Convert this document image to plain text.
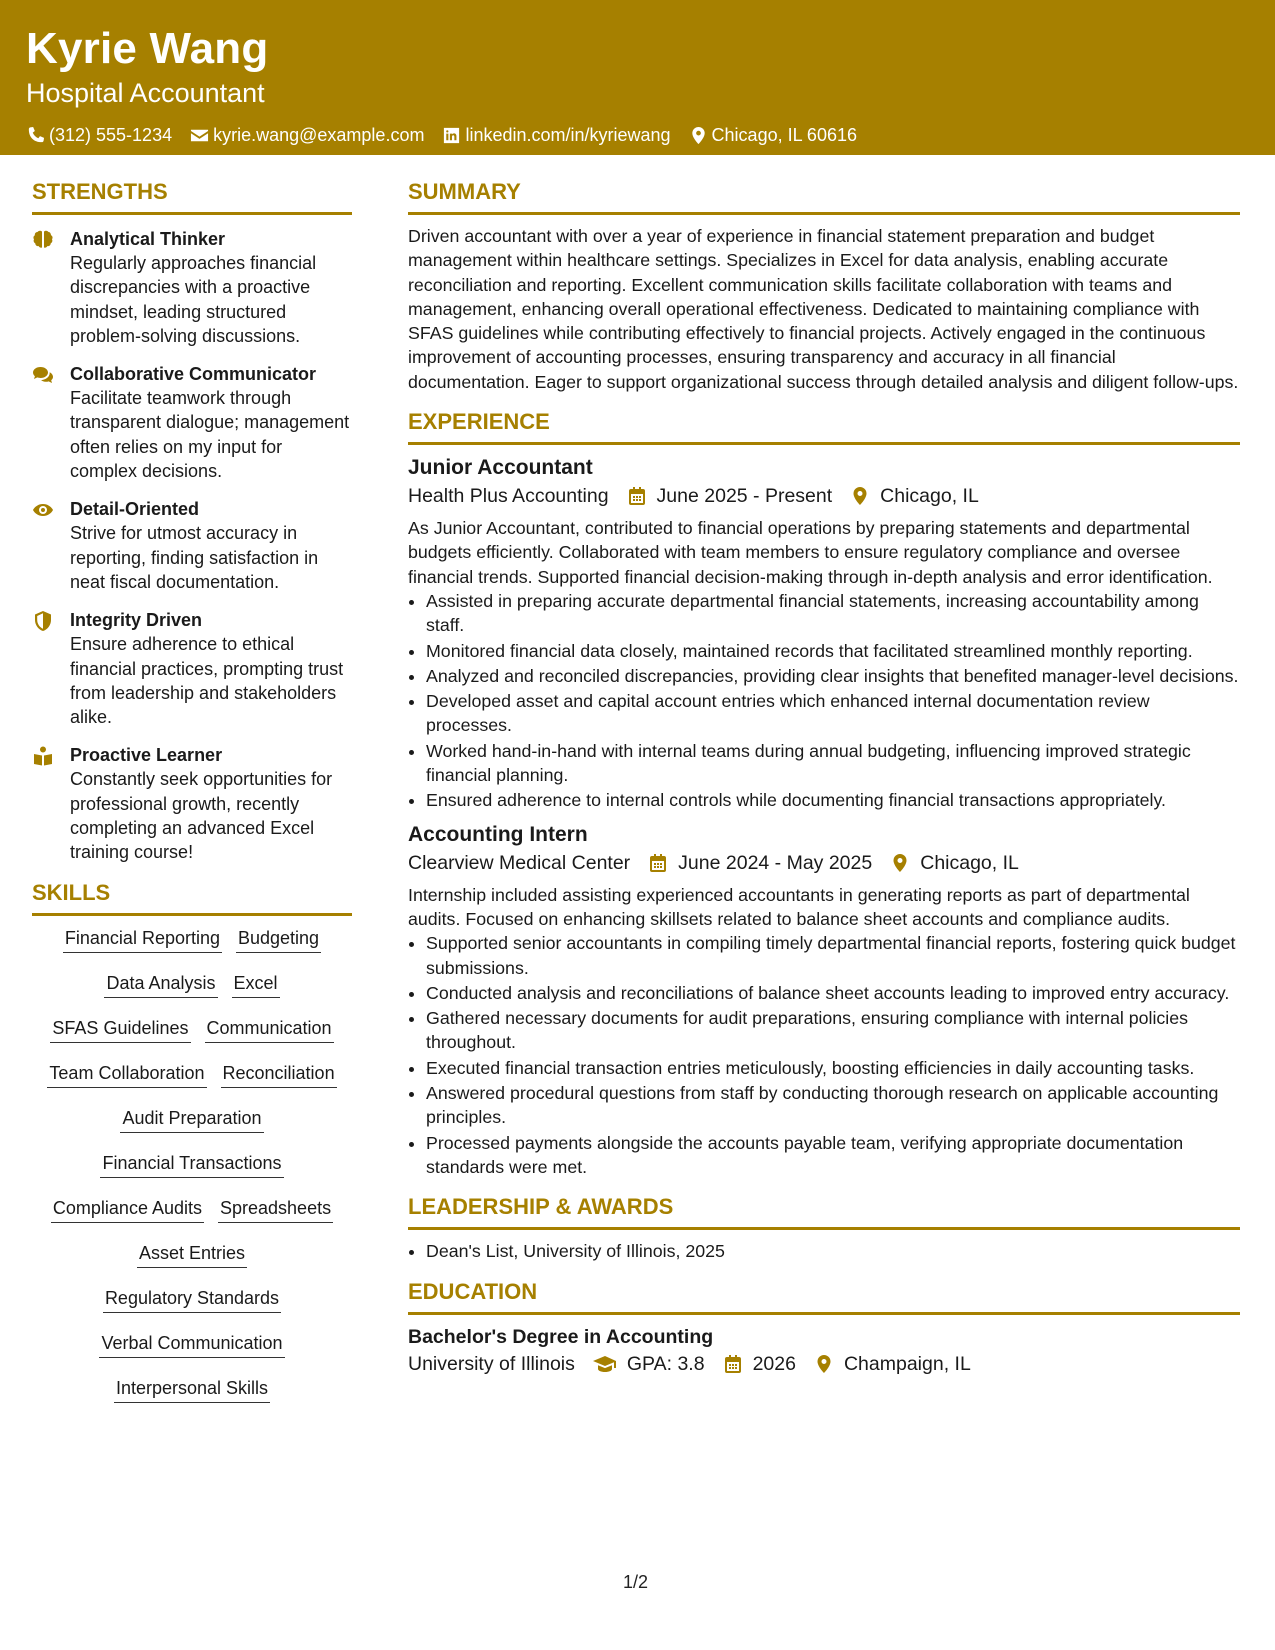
Kyrie Wang
Hospital Accountant
(312) 555-1234 kyrie.wang@example.com linkedin.com/in/kyriewang Chicago, IL 60616
STRENGTHS
Analytical Thinker
Regularly approaches financial discrepancies with a proactive mindset, leading structured problem-solving discussions.
Collaborative Communicator
Facilitate teamwork through transparent dialogue; management often relies on my input for complex decisions.
Detail-Oriented
Strive for utmost accuracy in reporting, finding satisfaction in neat fiscal documentation.
Integrity Driven
Ensure adherence to ethical financial practices, prompting trust from leadership and stakeholders alike.
Proactive Learner
Constantly seek opportunities for professional growth, recently completing an advanced Excel training course!
SKILLS
Financial Reporting Budgeting
Data Analysis Excel
SFAS Guidelines Communication
Team Collaboration Reconciliation
Audit Preparation
Financial Transactions
Compliance Audits Spreadsheets
Asset Entries
Regulatory Standards
Verbal Communication
Interpersonal Skills
SUMMARY
Driven accountant with over a year of experience in financial statement preparation and budget management within healthcare settings. Specializes in Excel for data analysis, enabling accurate reconciliation and reporting. Excellent communication skills facilitate collaboration with teams and management, enhancing overall operational effectiveness. Dedicated to maintaining compliance with SFAS guidelines while contributing effectively to financial projects. Actively engaged in the continuous improvement of accounting processes, ensuring transparency and accuracy in all financial documentation. Eager to support organizational success through detailed analysis and diligent follow-ups.
EXPERIENCE
Junior Accountant
Health Plus Accounting June 2025 - Present Chicago, IL
As Junior Accountant, contributed to financial operations by preparing statements and departmental budgets efficiently. Collaborated with team members to ensure regulatory compliance and oversee financial trends. Supported financial decision-making through in-depth analysis and error identification.
• Assisted in preparing accurate departmental financial statements, increasing accountability among staff.
• Monitored financial data closely, maintained records that facilitated streamlined monthly reporting.
• Analyzed and reconciled discrepancies, providing clear insights that benefited manager-level decisions.
• Developed asset and capital account entries which enhanced internal documentation review processes.
• Worked hand-in-hand with internal teams during annual budgeting, influencing improved strategic financial planning.
• Ensured adherence to internal controls while documenting financial transactions appropriately.
Accounting Intern
Clearview Medical Center June 2024 - May 2025 Chicago, IL
Internship included assisting experienced accountants in generating reports as part of departmental audits. Focused on enhancing skillsets related to balance sheet accounts and compliance audits.
• Supported senior accountants in compiling timely departmental financial reports, fostering quick budget submissions.
• Conducted analysis and reconciliations of balance sheet accounts leading to improved entry accuracy.
• Gathered necessary documents for audit preparations, ensuring compliance with internal policies throughout.
• Executed financial transaction entries meticulously, boosting efficiencies in daily accounting tasks.
• Answered procedural questions from staff by conducting thorough research on applicable accounting principles.
• Processed payments alongside the accounts payable team, verifying appropriate documentation standards were met.
LEADERSHIP & AWARDS
• Dean's List, University of Illinois, 2025
EDUCATION
Bachelor's Degree in Accounting
University of Illinois	GPA: 3.8 2026 Champaign, IL
1/2
